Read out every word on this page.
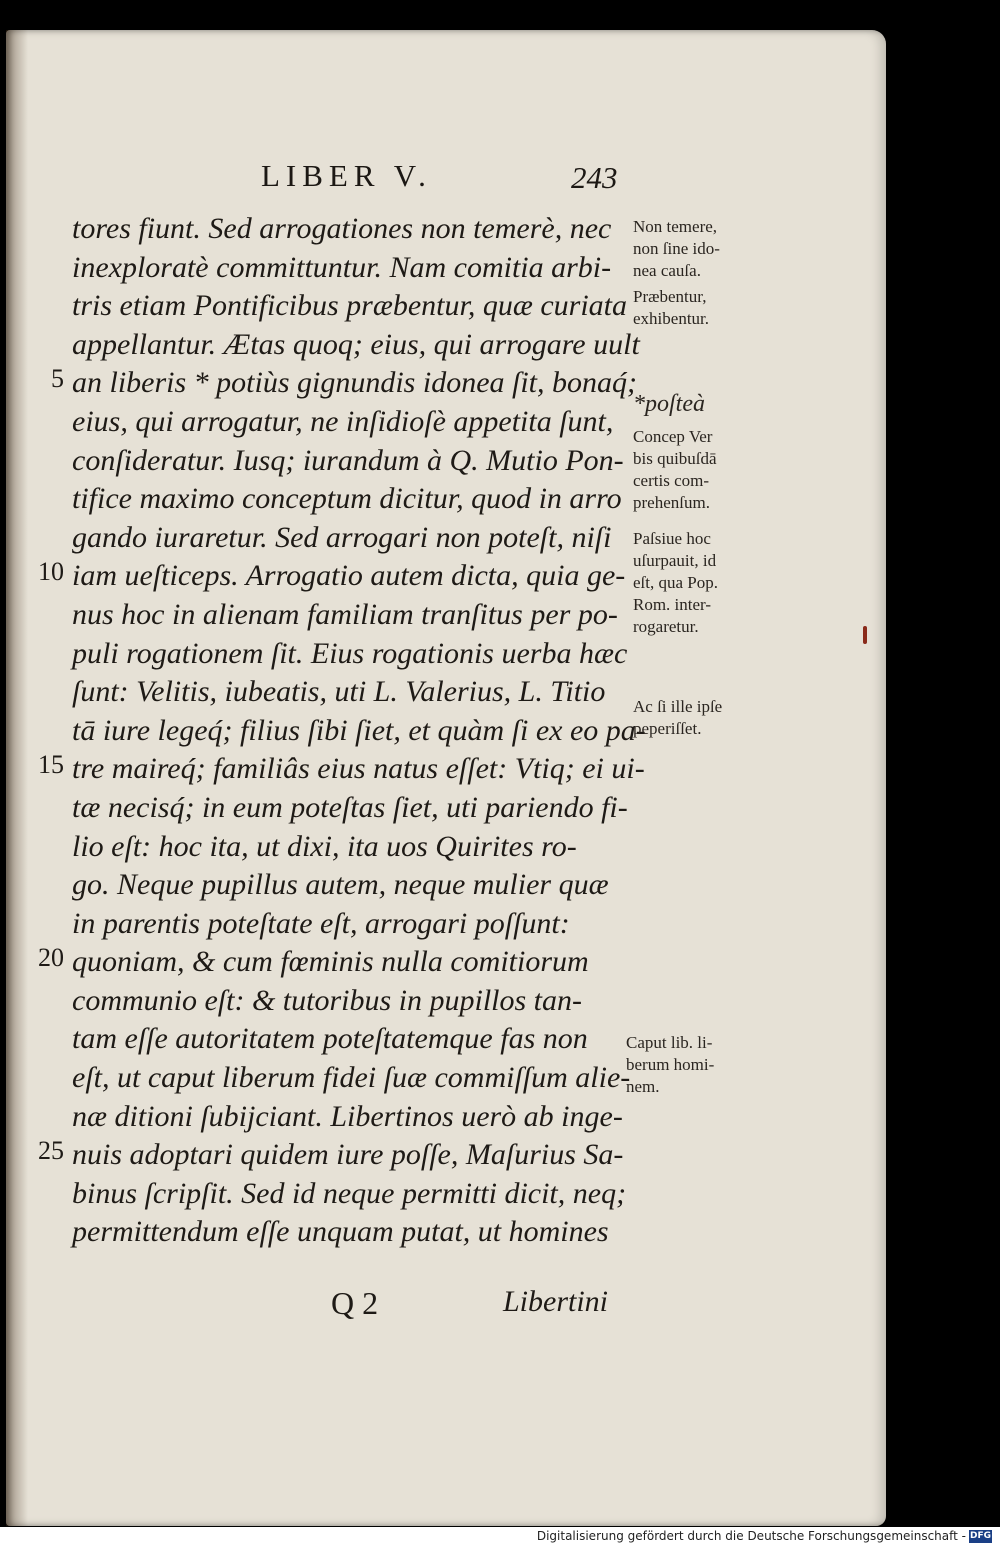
LIBER V.	243
5
10
15
20
25
tores fiunt. Sed arrogationes non temerè, nec
inexploratè committuntur. Nam comitia arbi-
tris etiam Pontificibus præbentur, quæ curiata
appellantur. Ætas quoq; eius, qui arrogare uult
an liberis * potiùs gignundis idonea ſit, bonaq́;
eius, qui arrogatur, ne inſidioſè appetita ſunt,
conſideratur. Iusq; iurandum à Q. Mutio Pon-
tifice maximo conceptum dicitur, quod in arro
gando iuraretur. Sed arrogari non poteſt, niſi
iam ueſticeps. Arrogatio autem dicta, quia ge-
nus hoc in alienam familiam tranſitus per po-
puli rogationem ſit. Eius rogationis uerba hæc
ſunt: Velitis, iubeatis, uti L. Valerius, L. Titio
tā iure legeq́; filius ſibi ſiet, et quàm ſi ex eo pa-
tre maireq́; familiâs eius natus eſſet: Vtiq; ei ui-
tæ necisq́; in eum poteſtas ſiet, uti pariendo fi-
lio eſt: hoc ita, ut dixi, ita uos Quirites ro-
go. Neque pupillus autem, neque mulier quæ
in parentis poteſtate eſt, arrogari poſſunt:
quoniam, & cum fœminis nulla comitiorum
communio eſt: & tutoribus in pupillos tan-
tam eſſe autoritatem poteſtatemque fas non
eſt, ut caput liberum fidei ſuæ commiſſum alie-
næ ditioni ſubijciant. Libertinos uerò ab inge-
nuis adoptari quidem iure poſſe, Maſurius Sa-
binus ſcripſit. Sed id neque permitti dicit, neq;
permittendum eſſe unquam putat, ut homines
Non temere,
non ſine ido-
nea cauſa.
Præbentur,
exhibentur.
*poſteà
Concep Ver
bis quibuſdā
certis com-
prehenſum.
Paſsiue hoc
uſurpauit, id
eſt, qua Pop.
Rom. inter-
rogaretur.
Ac ſi ille ipſe
peperiſſet.
Caput lib. li-
berum homi-
nem.
Q 2	Libertini
Digitalisierung gefördert durch die Deutsche Forschungsgemeinschaft - DFG
